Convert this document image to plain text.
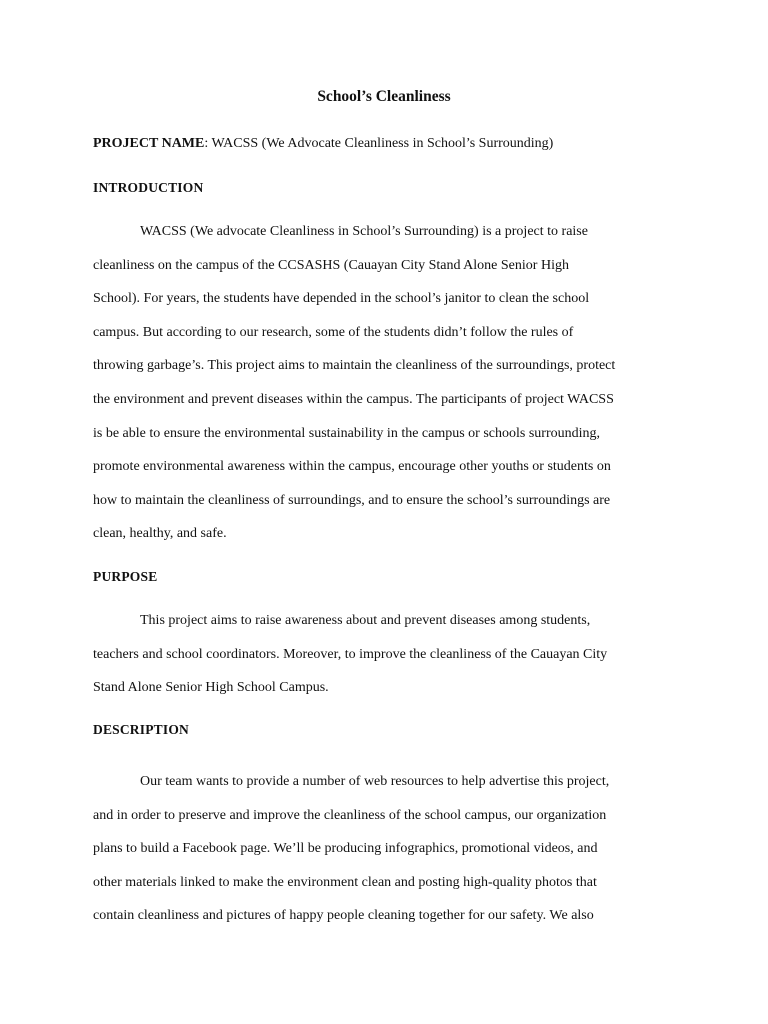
School’s Cleanliness

PROJECT NAME: WACSS (We Advocate Cleanliness in School’s Surrounding)

INTRODUCTION
WACSS (We advocate Cleanliness in School’s Surrounding) is a project to raise
cleanliness on the campus of the CCSASHS (Cauayan City Stand Alone Senior High
School). For years, the students have depended in the school’s janitor to clean the school
campus. But according to our research, some of the students didn’t follow the rules of
throwing garbage’s. This project aims to maintain the cleanliness of the surroundings, protect
the environment and prevent diseases within the campus. The participants of project WACSS
is be able to ensure the environmental sustainability in the campus or schools surrounding,
promote environmental awareness within the campus, encourage other youths or students on
how to maintain the cleanliness of surroundings, and to ensure the school’s surroundings are
clean, healthy, and safe.
PURPOSE
This project aims to raise awareness about and prevent diseases among students,
teachers and school coordinators. Moreover, to improve the cleanliness of the Cauayan City
Stand Alone Senior High School Campus.
DESCRIPTION
Our team wants to provide a number of web resources to help advertise this project,
and in order to preserve and improve the cleanliness of the school campus, our organization
plans to build a Facebook page. We’ll be producing infographics, promotional videos, and
other materials linked to make the environment clean and posting high-quality photos that
contain cleanliness and pictures of happy people cleaning together for our safety. We also
